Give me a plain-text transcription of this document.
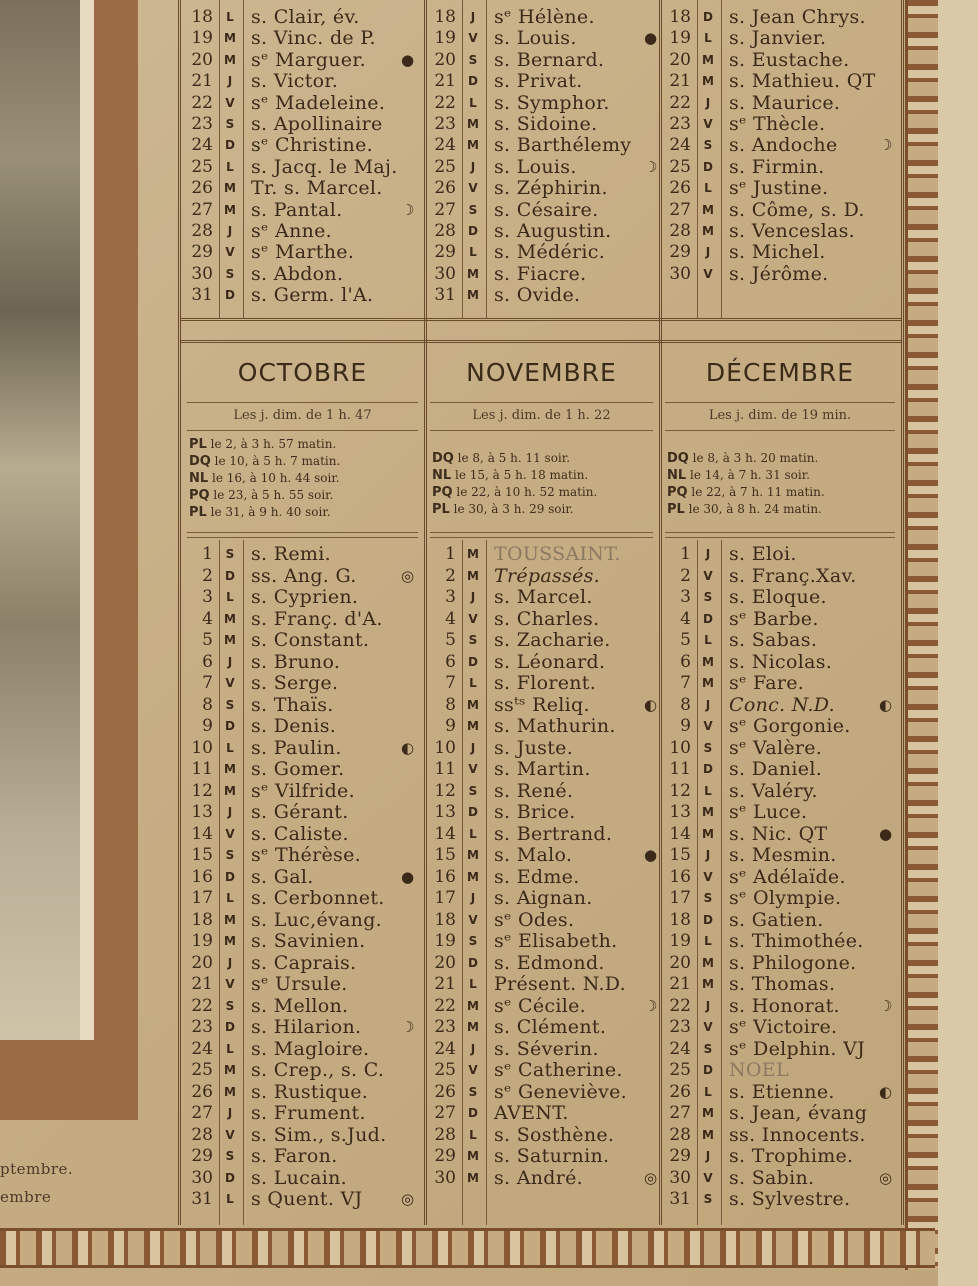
ptembre.
embre
18	L s. Clair, év.
19 M s. Vinc. de P.
20 M sᵉ Marguer. ●
21	J s. Victor.
22	V sᵉ Madeleine.
23	S s. Apollinaire
24	D sᵉ Christine.
25	L s. Jacq. le Maj.
26 M Tr. s. Marcel.
27 M s. Pantal.	☽
28	J sᵉ Anne.
29	V sᵉ Marthe.
30	S s. Abdon.
31	D s. Germ. l'A.
18	J sᵉ Hélène.
19	V s. Louis.	●
20	S s. Bernard.
21	D s. Privat.
22	L s. Symphor.
23 M s. Sidoine.
24 M s. Barthélemy
25	J s. Louis.	☽
26	V s. Zéphirin.
27	S s. Césaire.
28	D s. Augustin.
29	L s. Médéric.
30 M s. Fiacre.
31 M s. Ovide.
18	D s. Jean Chrys.
19	L s. Janvier.
20 M s. Eustache.
21 M s. Mathieu. QT
22	J s. Maurice.
23	V sᵉ Thècle.
24	S s. Andoche	☽
25	D s. Firmin.
26	L sᵉ Justine.
27 M s. Côme, s. D.
28 M s. Venceslas.
29	J s. Michel.
30	V s. Jérôme.
OCTOBRE
Les j. dim. de 1 h. 47
PL le 2, à 3 h. 57 matin.
DQ le 10, à 5 h. 7 matin.
NL le 16, à 10 h. 44 soir.
PQ le 23, à 5 h. 55 soir.
PL le 31, à 9 h. 40 soir.
1	S s. Remi.
2	D ss. Ang. G.	◎
3	L s. Cyprien.
4 M s. Franç. d'A.
5 M s. Constant.
6	J s. Bruno.
7	V s. Serge.
8	S s. Thaïs.
9	D s. Denis.
10	L s. Paulin.	◐
11 M s. Gomer.
12 M sᵉ Vilfride.
13	J s. Gérant.
14	V s. Caliste.
15	S sᵉ Thérèse.
16	D s. Gal.	●
17	L s. Cerbonnet.
18 M s. Luc,évang.
19 M s. Savinien.
20	J s. Caprais.
21	V sᵉ Ursule.
22	S s. Mellon.
23	D s. Hilarion.	☽
24	L s. Magloire.
25 M s. Crep., s. C.
26 M s. Rustique.
27	J s. Frument.
28	V s. Sim., s.Jud.
29	S s. Faron.
30	D s. Lucain.
31	L s Quent. VJ	◎
NOVEMBRE
Les j. dim. de 1 h. 22
DQ le 8, à 5 h. 11 soir.
NL le 15, à 5 h. 18 matin.
PQ le 22, à 10 h. 52 matin.
PL le 30, à 3 h. 29 soir.
1 M TOUSSAINT.
2 M Trépassés.
3	J s. Marcel.
4	V s. Charles.
5	S s. Zacharie.
6	D s. Léonard.
7	L s. Florent.
8 M ssᵗˢ Reliq.	◐
9 M s. Mathurin.
10	J s. Juste.
11	V s. Martin.
12	S s. René.
13	D s. Brice.
14	L s. Bertrand.
15 M s. Malo.	●
16 M s. Edme.
17	J s. Aignan.
18	V sᵉ Odes.
19	S sᵉ Elisabeth.
20	D s. Edmond.
21	L Présent. N.D.
22 M sᵉ Cécile.	☽
23 M s. Clément.
24	J s. Séverin.
25	V sᵉ Catherine.
26	S sᵉ Geneviève.
27	D AVENT.
28	L s. Sosthène.
29 M s. Saturnin.
30 M s. André.	◎
DÉCEMBRE
Les j. dim. de 19 min.
DQ le 8, à 3 h. 20 matin.
NL le 14, à 7 h. 31 soir.
PQ le 22, à 7 h. 11 matin.
PL le 30, à 8 h. 24 matin.
1	J s. Eloi.
2	V s. Franç.Xav.
3	S s. Eloque.
4	D sᵉ Barbe.
5	L s. Sabas.
6 M s. Nicolas.
7 M sᵉ Fare.
8	J Conc. N.D.	◐
9	V sᵉ Gorgonie.
10	S sᵉ Valère.
11	D s. Daniel.
12	L s. Valéry.
13 M sᵉ Luce.
14 M s. Nic. QT	●
15	J s. Mesmin.
16	V sᵉ Adélaïde.
17	S sᵉ Olympie.
18	D s. Gatien.
19	L s. Thimothée.
20 M s. Philogone.
21 M s. Thomas.
22	J s. Honorat.	☽
23	V sᵉ Victoire.
24	S sᵉ Delphin. VJ
25	D NOEL
26	L s. Etienne.	◐
27 M s. Jean, évang
28 M ss. Innocents.
29	J s. Trophime.
30	V s. Sabin.	◎
31	S s. Sylvestre.
